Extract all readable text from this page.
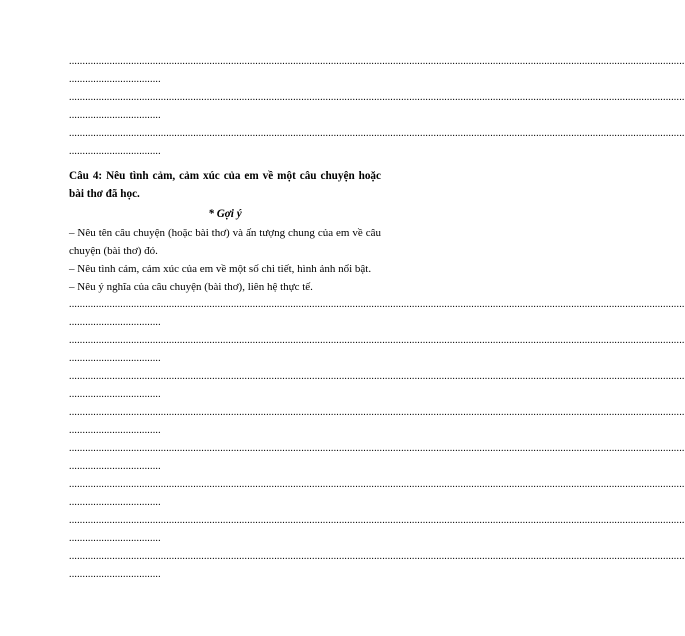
....................................................................................................................................................................................................................................
..................................
....................................................................................................................................................................................................................................
..................................
....................................................................................................................................................................................................................................
..................................
Câu 4: Nêu tình cảm, cảm xúc của em về một câu chuyện hoặc bài thơ đã học.
* Gợi ý
– Nêu tên câu chuyện (hoặc bài thơ) và ấn tượng chung của em về câu chuyện (bài thơ) đó.
– Nêu tình cảm, cảm xúc của em về một số chi tiết, hình ảnh nổi bật.
– Nêu ý nghĩa của câu chuyện (bài thơ), liên hệ thực tế.
....................................................................................................................................................................................................................................
..................................
....................................................................................................................................................................................................................................
..................................
....................................................................................................................................................................................................................................
..................................
....................................................................................................................................................................................................................................
..................................
....................................................................................................................................................................................................................................
..................................
....................................................................................................................................................................................................................................
..................................
....................................................................................................................................................................................................................................
..................................
....................................................................................................................................................................................................................................
..................................
